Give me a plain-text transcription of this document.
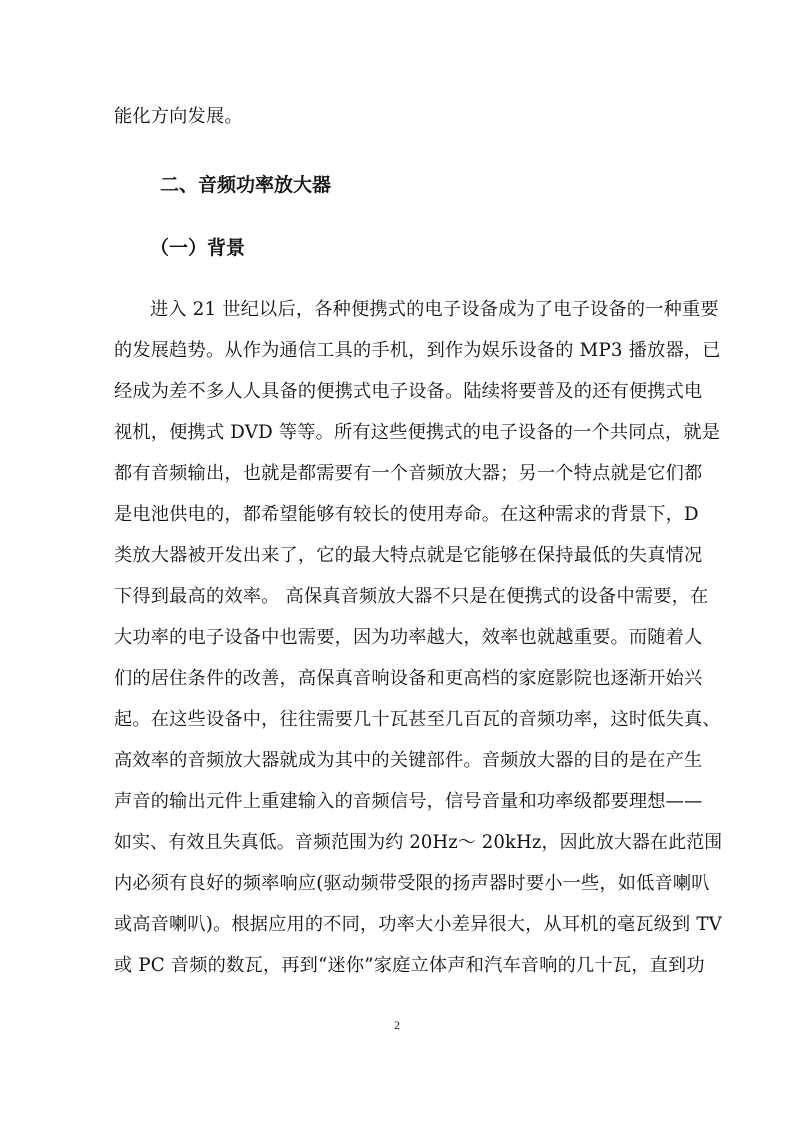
能化方向发展。
二、音频功率放大器
（一）背景
进入 21 世纪以后，各种便携式的电子设备成为了电子设备的一种重要
的发展趋势。从作为通信工具的手机，到作为娱乐设备的 MP3 播放器，已
经成为差不多人人具备的便携式电子设备。陆续将要普及的还有便携式电
视机，便携式 DVD 等等。所有这些便携式的电子设备的一个共同点，就是
都有音频输出，也就是都需要有一个音频放大器；另一个特点就是它们都
是电池供电的，都希望能够有较长的使用寿命。在这种需求的背景下，D
类放大器被开发出来了，它的最大特点就是它能够在保持最低的失真情况
下得到最高的效率。 高保真音频放大器不只是在便携式的设备中需要，在
大功率的电子设备中也需要，因为功率越大，效率也就越重要。而随着人
们的居住条件的改善，高保真音响设备和更高档的家庭影院也逐渐开始兴
起。在这些设备中，往往需要几十瓦甚至几百瓦的音频功率，这时低失真、
高效率的音频放大器就成为其中的关键部件。音频放大器的目的是在产生
声音的输出元件上重建输入的音频信号，信号音量和功率级都要理想——
如实、有效且失真低。音频范围为约 20Hz～ 20kHz，因此放大器在此范围
内必须有良好的频率响应(驱动频带受限的扬声器时要小一些，如低音喇叭
或高音喇叭)。根据应用的不同，功率大小差异很大，从耳机的毫瓦级到 TV
或 PC 音频的数瓦，再到“迷你”家庭立体声和汽车音响的几十瓦，直到功
2
